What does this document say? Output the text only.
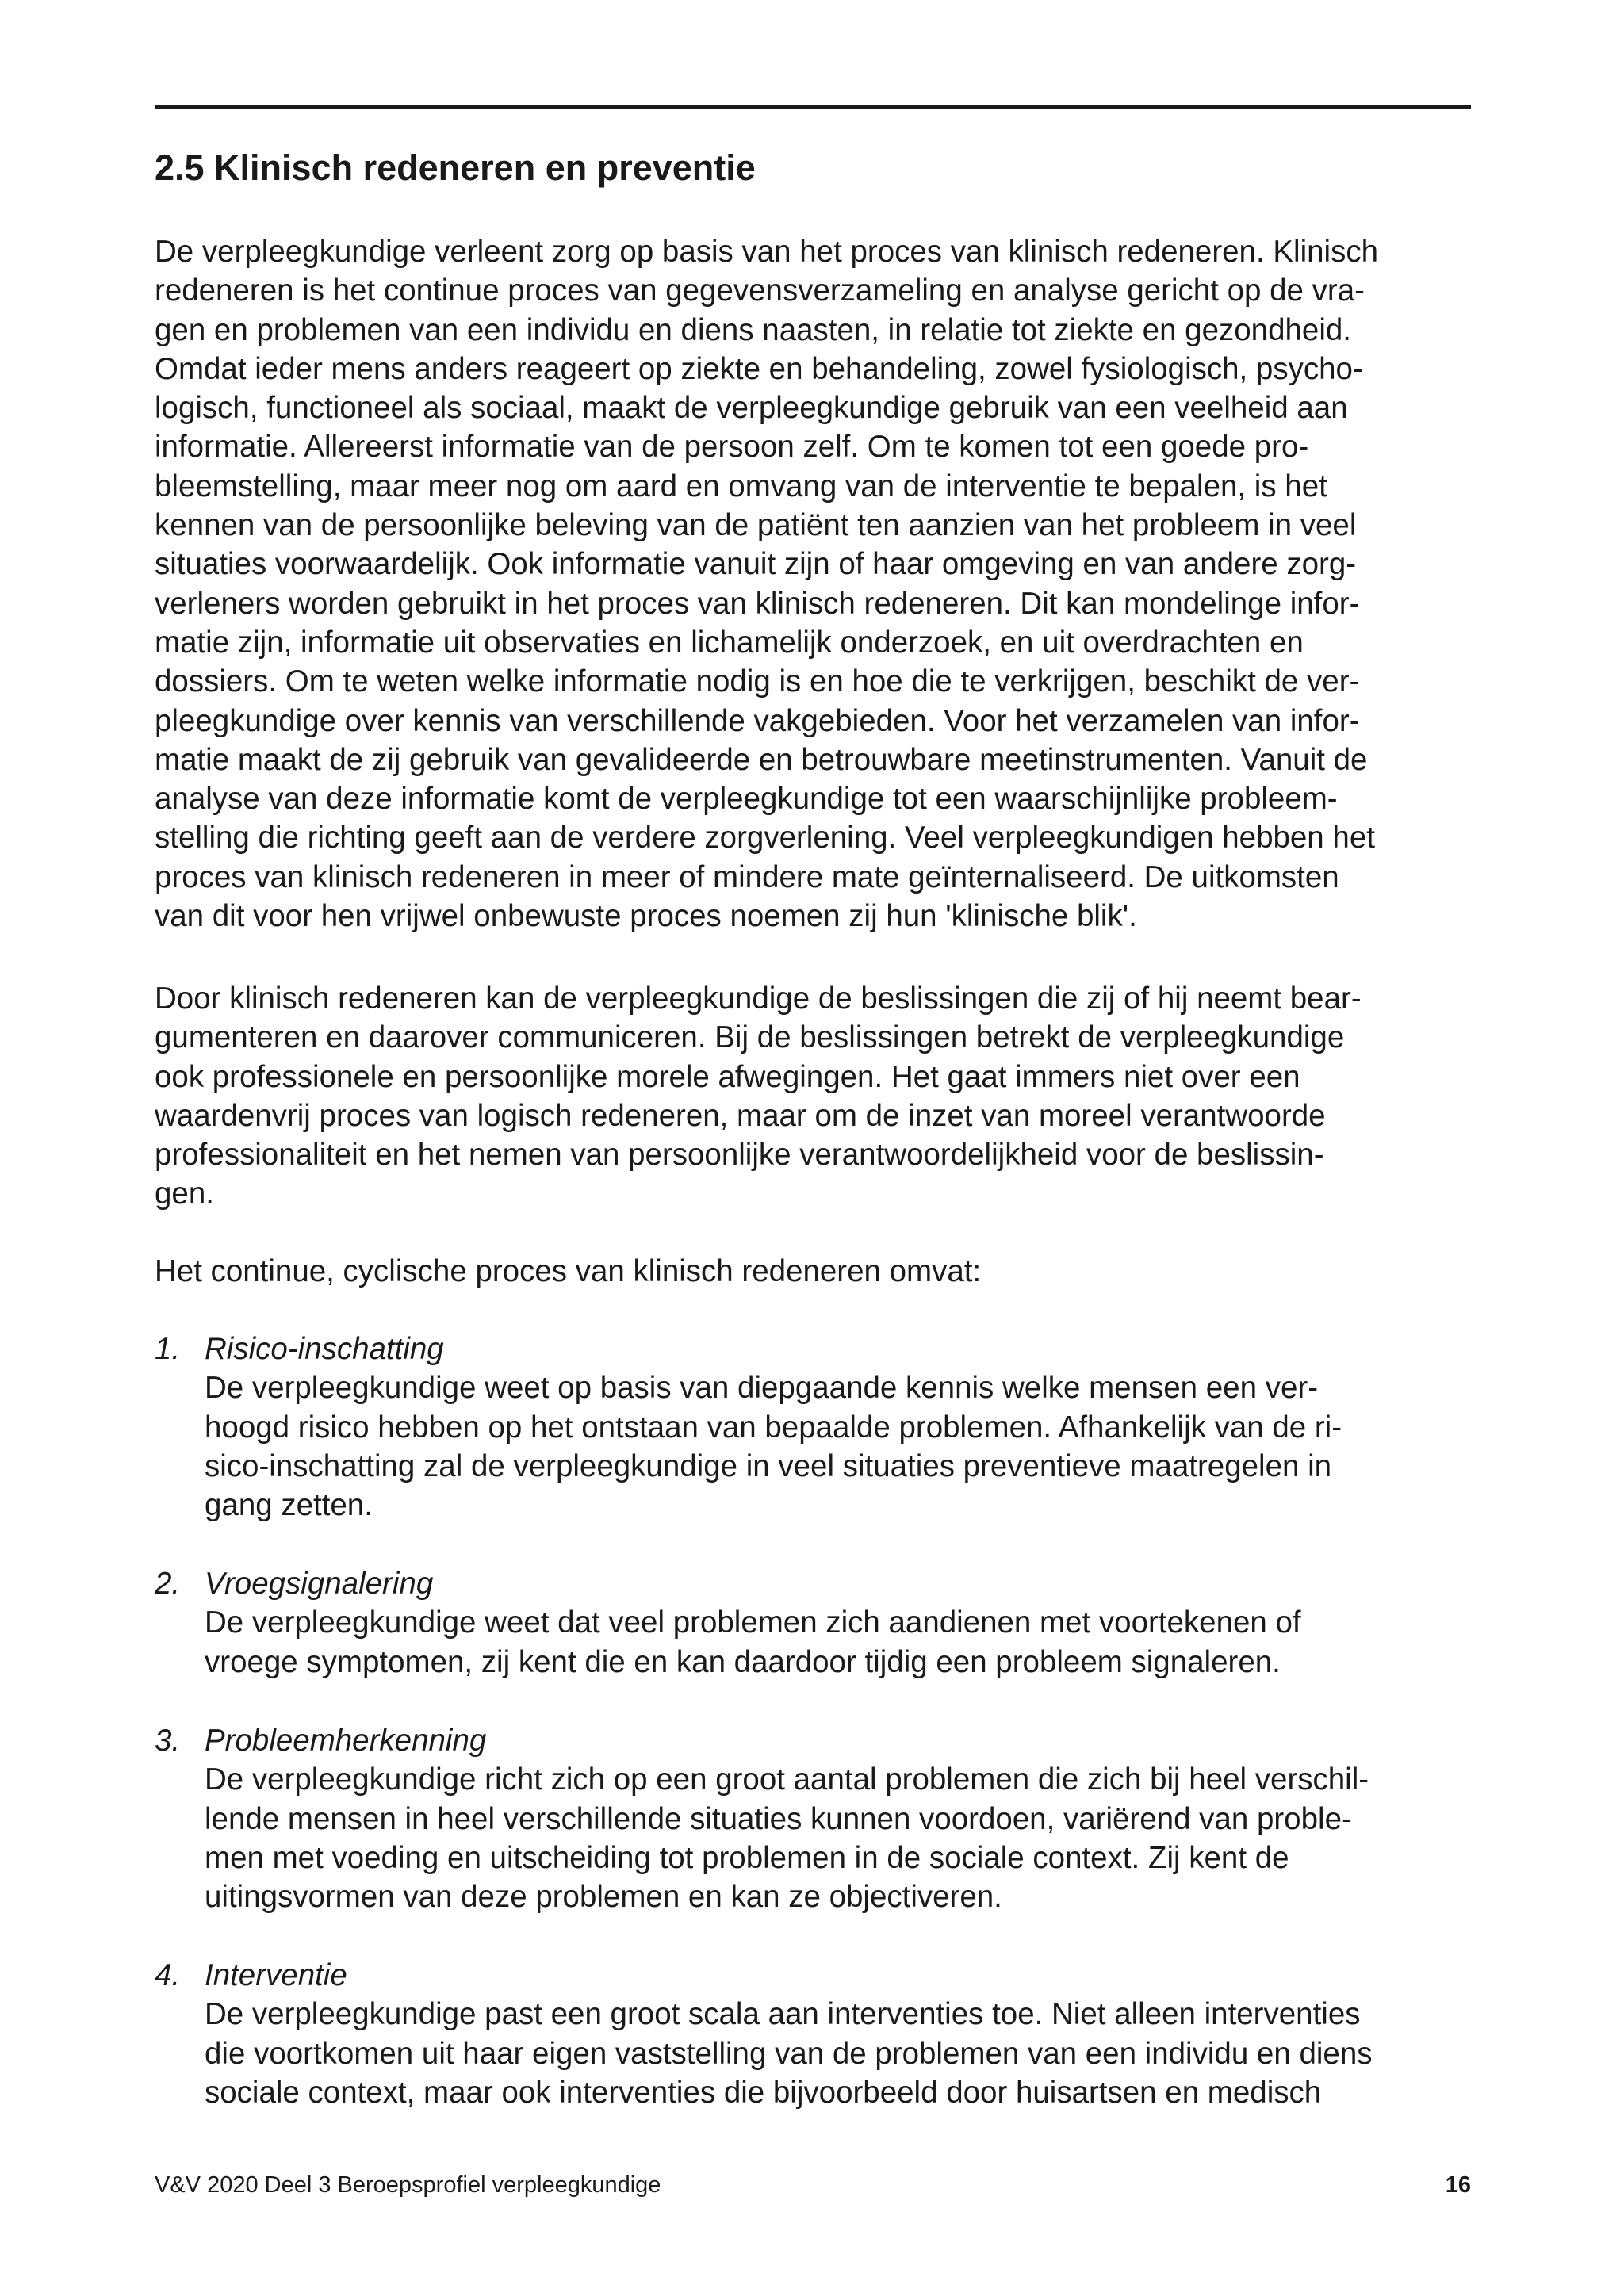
2.5 Klinisch redeneren en preventie
De verpleegkundige verleent zorg op basis van het proces van klinisch redeneren. Klinisch
redeneren is het continue proces van gegevensverzameling en analyse gericht op de vra-
gen en problemen van een individu en diens naasten, in relatie tot ziekte en gezondheid.
Omdat ieder mens anders reageert op ziekte en behandeling, zowel fysiologisch, psycho-
logisch, functioneel als sociaal, maakt de verpleegkundige gebruik van een veelheid aan
informatie. Allereerst informatie van de persoon zelf. Om te komen tot een goede pro-
bleemstelling, maar meer nog om aard en omvang van de interventie te bepalen, is het
kennen van de persoonlijke beleving van de patiënt ten aanzien van het probleem in veel
situaties voorwaardelijk. Ook informatie vanuit zijn of haar omgeving en van andere zorg-
verleners worden gebruikt in het proces van klinisch redeneren. Dit kan mondelinge infor-
matie zijn, informatie uit observaties en lichamelijk onderzoek, en uit overdrachten en
dossiers. Om te weten welke informatie nodig is en hoe die te verkrijgen, beschikt de ver-
pleegkundige over kennis van verschillende vakgebieden. Voor het verzamelen van infor-
matie maakt de zij gebruik van gevalideerde en betrouwbare meetinstrumenten. Vanuit de
analyse van deze informatie komt de verpleegkundige tot een waarschijnlijke probleem-
stelling die richting geeft aan de verdere zorgverlening. Veel verpleegkundigen hebben het
proces van klinisch redeneren in meer of mindere mate geïnternaliseerd. De uitkomsten
van dit voor hen vrijwel onbewuste proces noemen zij hun 'klinische blik'.
Door klinisch redeneren kan de verpleegkundige de beslissingen die zij of hij neemt bear-
gumenteren en daarover communiceren. Bij de beslissingen betrekt de verpleegkundige
ook professionele en persoonlijke morele afwegingen. Het gaat immers niet over een
waardenvrij proces van logisch redeneren, maar om de inzet van moreel verantwoorde
professionaliteit en het nemen van persoonlijke verantwoordelijkheid voor de beslissin-
gen.
Het continue, cyclische proces van klinisch redeneren omvat:
1. Risico-inschatting
De verpleegkundige weet op basis van diepgaande kennis welke mensen een ver-
hoogd risico hebben op het ontstaan van bepaalde problemen. Afhankelijk van de ri-
sico-inschatting zal de verpleegkundige in veel situaties preventieve maatregelen in
gang zetten.
2. Vroegsignalering
De verpleegkundige weet dat veel problemen zich aandienen met voortekenen of
vroege symptomen, zij kent die en kan daardoor tijdig een probleem signaleren.
3. Probleemherkenning
De verpleegkundige richt zich op een groot aantal problemen die zich bij heel verschil-
lende mensen in heel verschillende situaties kunnen voordoen, variërend van proble-
men met voeding en uitscheiding tot problemen in de sociale context. Zij kent de
uitingsvormen van deze problemen en kan ze objectiveren.
4. Interventie
De verpleegkundige past een groot scala aan interventies toe. Niet alleen interventies
die voortkomen uit haar eigen vaststelling van de problemen van een individu en diens
sociale context, maar ook interventies die bijvoorbeeld door huisartsen en medisch
V&V 2020 Deel 3 Beroepsprofiel verpleegkundige	16
